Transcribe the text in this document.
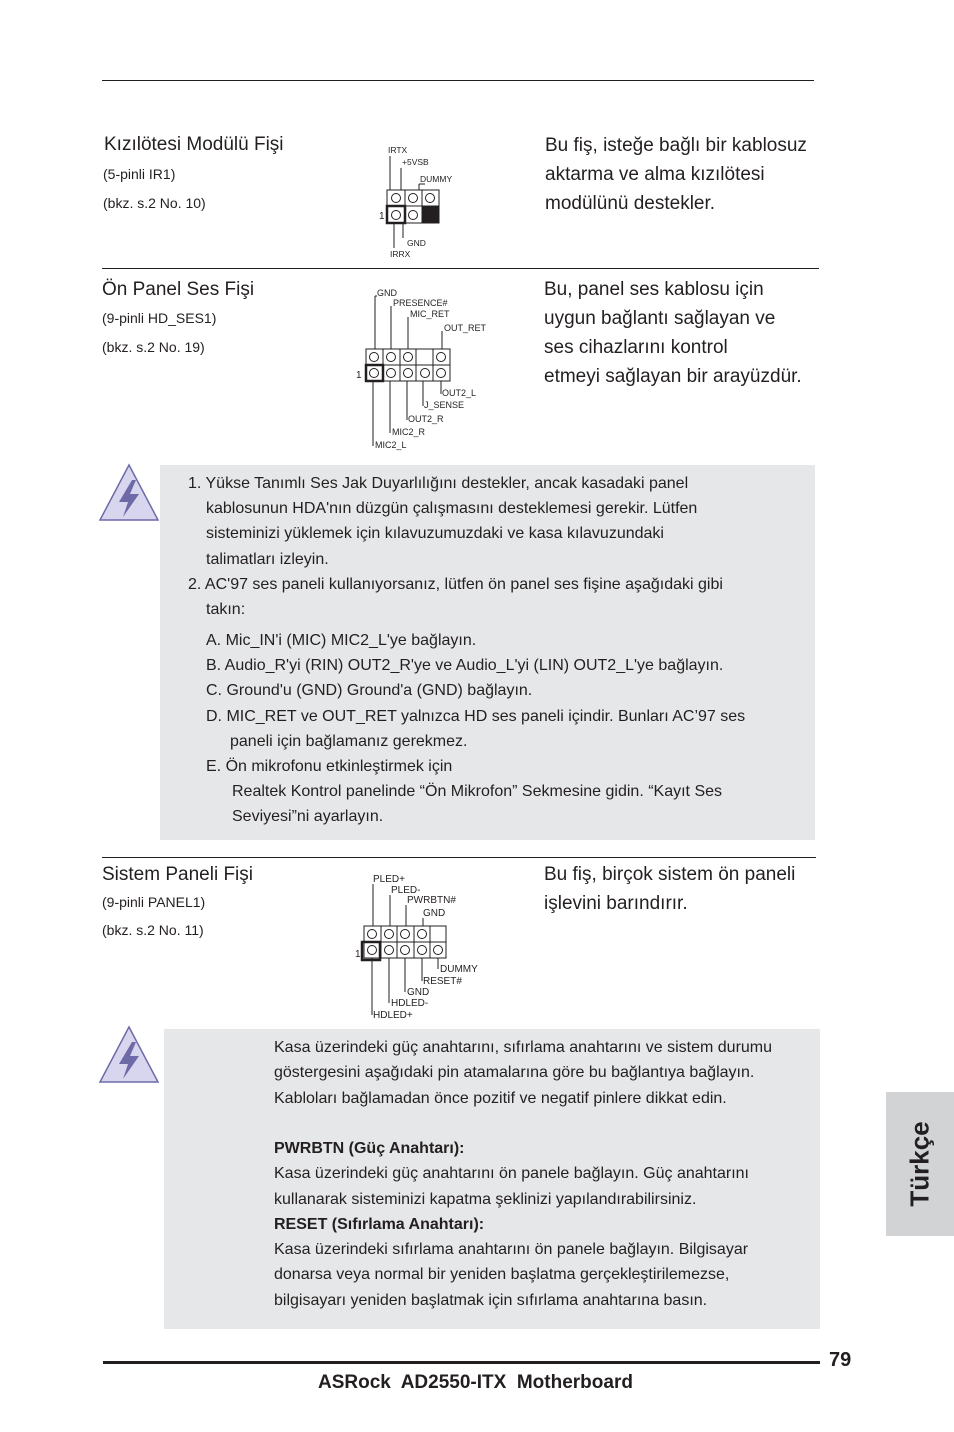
Kızılötesi Modülü Fişi
(5-pinli IR1)
(bkz. s.2 No. 10)
Bu fiş, isteğe bağlı bir kablosuz
aktarma ve alma kızılötesi
modülünü destekler.
IRTX
+5VSB
DUMMY
GND
IRRX
1
Ön Panel Ses Fişi
(9-pinli HD_SES1)
(bkz. s.2 No. 19)
Bu, panel ses kablosu için
uygun bağlantı sağlayan ve
ses cihazlarını kontrol
etmeyi sağlayan bir arayüzdür.
GND
PRESENCE#
MIC_RET
OUT_RET
OUT2_L
J_SENSE
OUT2_R
MIC2_R
MIC2_L
1
1. Yükse Tanımlı Ses Jak Duyarlılığını destekler, ancak kasadaki panel
kablosunun HDA'nın düzgün çalışmasını desteklemesi gerekir. Lütfen
sisteminizi yüklemek için kılavuzumuzdaki ve kasa kılavuzundaki
talimatları izleyin.
2. AC'97 ses paneli kullanıyorsanız, lütfen ön panel ses fişine aşağıdaki gibi
takın:
A. Mic_IN'i (MIC) MIC2_L'ye bağlayın.
B. Audio_R'yi (RIN) OUT2_R'ye ve Audio_L'yi (LIN) OUT2_L'ye bağlayın.
C. Ground'u (GND) Ground'a (GND) bağlayın.
D. MIC_RET ve OUT_RET yalnızca HD ses paneli içindir. Bunları AC’97 ses
paneli için bağlamanız gerekmez.
E. Ön mikrofonu etkinleştirmek için
Realtek Kontrol panelinde “Ön Mikrofon” Sekmesine gidin. “Kayıt Ses
Seviyesi”ni ayarlayın.
Sistem Paneli Fişi
(9-pinli PANEL1)
(bkz. s.2 No. 11)
Bu fiş, birçok sistem ön paneli
işlevini barındırır.
PLED+
PLED-
PWRBTN#
GND
DUMMY
RESET#
GND
HDLED-
HDLED+
1
Kasa üzerindeki güç anahtarını, sıfırlama anahtarını ve sistem durumu
göstergesini aşağıdaki pin atamalarına göre bu bağlantıya bağlayın.
Kabloları bağlamadan önce pozitif ve negatif pinlere dikkat edin.
PWRBTN (Güç Anahtarı):
Kasa üzerindeki güç anahtarını ön panele bağlayın. Güç anahtarını
kullanarak sisteminizi kapatma şeklinizi yapılandırabilirsiniz.
RESET (Sıfırlama Anahtarı):
Kasa üzerindeki sıfırlama anahtarını ön panele bağlayın. Bilgisayar
donarsa veya normal bir yeniden başlatma gerçekleştirilemezse,
bilgisayarı yeniden başlatmak için sıfırlama anahtarına basın.
Türkçe
79
ASRock  AD2550-ITX  Motherboard
